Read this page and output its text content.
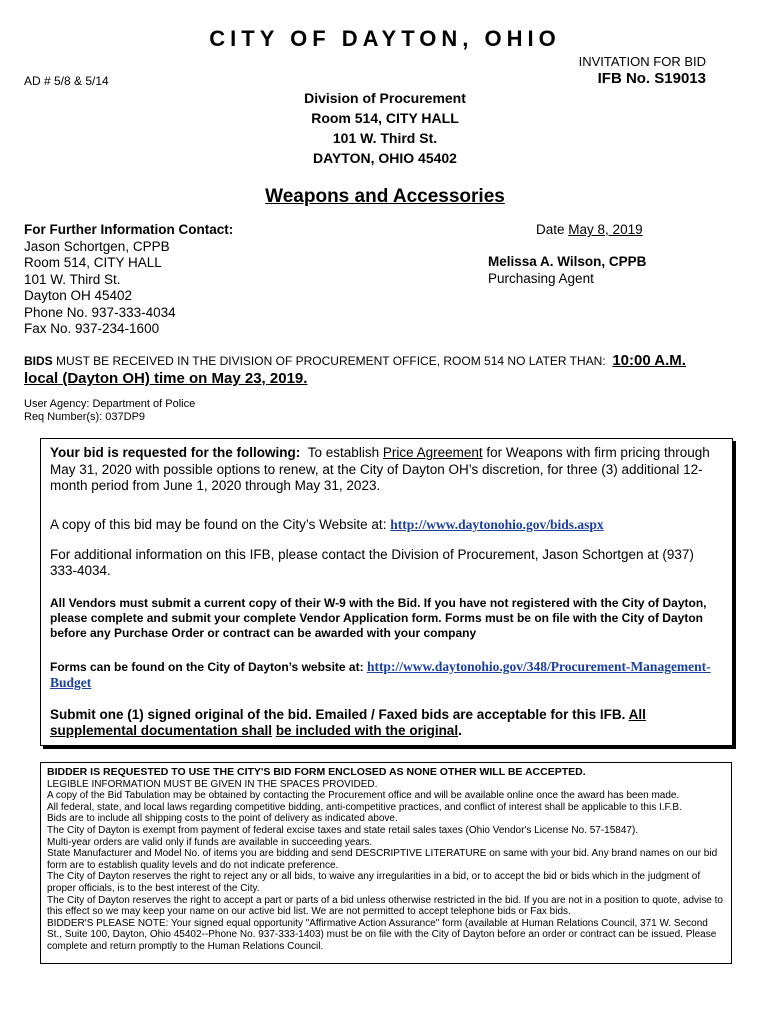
CITY OF DAYTON, OHIO
AD # 5/8 & 5/14
INVITATION FOR BID
IFB No. S19013
Division of Procurement
Room 514, CITY HALL
101 W. Third St.
DAYTON, OHIO 45402
Weapons and Accessories
For Further Information Contact:
Jason Schortgen, CPPB
Room 514, CITY HALL
101 W. Third St.
Dayton OH 45402
Phone No. 937-333-4034
Fax No. 937-234-1600
Date May 8, 2019
Melissa A. Wilson, CPPB
Purchasing Agent
BIDS MUST BE RECEIVED IN THE DIVISION OF PROCUREMENT OFFICE, ROOM 514 NO LATER THAN: 10:00 A.M.
local (Dayton OH) time on May 23, 2019.
User Agency: Department of Police
Req Number(s): 037DP9

Your bid is requested for the following: To establish Price Agreement for Weapons with firm pricing through May 31, 2020 with possible options to renew, at the City of Dayton OH’s discretion, for three (3) additional 12-month period from June 1, 2020 through May 31, 2023.

A copy of this bid may be found on the City’s Website at: http://www.daytonohio.gov/bids.aspx

For additional information on this IFB, please contact the Division of Procurement, Jason Schortgen at (937) 333-4034.

All Vendors must submit a current copy of their W-9 with the Bid. If you have not registered with the City of Dayton, please complete and submit your complete Vendor Application form. Forms must be on file with the City of Dayton before any Purchase Order or contract can be awarded with your company

Forms can be found on the City of Dayton’s website at: http://www.daytonohio.gov/348/Procurement-Management-Budget

Submit one (1) signed original of the bid. Emailed / Faxed bids are acceptable for this IFB. All supplemental documentation shall be included with the original.

BIDDER IS REQUESTED TO USE THE CITY'S BID FORM ENCLOSED AS NONE OTHER WILL BE ACCEPTED.
LEGIBLE INFORMATION MUST BE GIVEN IN THE SPACES PROVIDED.
A copy of the Bid Tabulation may be obtained by contacting the Procurement office and will be available online once the award has been made.
All federal, state, and local laws regarding competitive bidding, anti-competitive practices, and conflict of interest shall be applicable to this I.F.B.
Bids are to include all shipping costs to the point of delivery as indicated above.
The City of Dayton is exempt from payment of federal excise taxes and state retail sales taxes (Ohio Vendor's License No. 57-15847).
Multi-year orders are valid only if funds are available in succeeding years.
State Manufacturer and Model No. of items you are bidding and send DESCRIPTIVE LITERATURE on same with your bid. Any brand names on our bid form are to establish quality levels and do not indicate preference.
The City of Dayton reserves the right to reject any or all bids, to waive any irregularities in a bid, or to accept the bid or bids which in the judgment of proper officials, is to the best interest of the City.
The City of Dayton reserves the right to accept a part or parts of a bid unless otherwise restricted in the bid. If you are not in a position to quote, advise to this effect so we may keep your name on our active bid list. We are not permitted to accept telephone bids or Fax bids.
BIDDER'S PLEASE NOTE: Your signed equal opportunity "Affirmative Action Assurance" form (available at Human Relations Council, 371 W. Second St., Suite 100, Dayton, Ohio 45402--Phone No. 937-333-1403) must be on file with the City of Dayton before an order or contract can be issued. Please complete and return promptly to the Human Relations Council.
